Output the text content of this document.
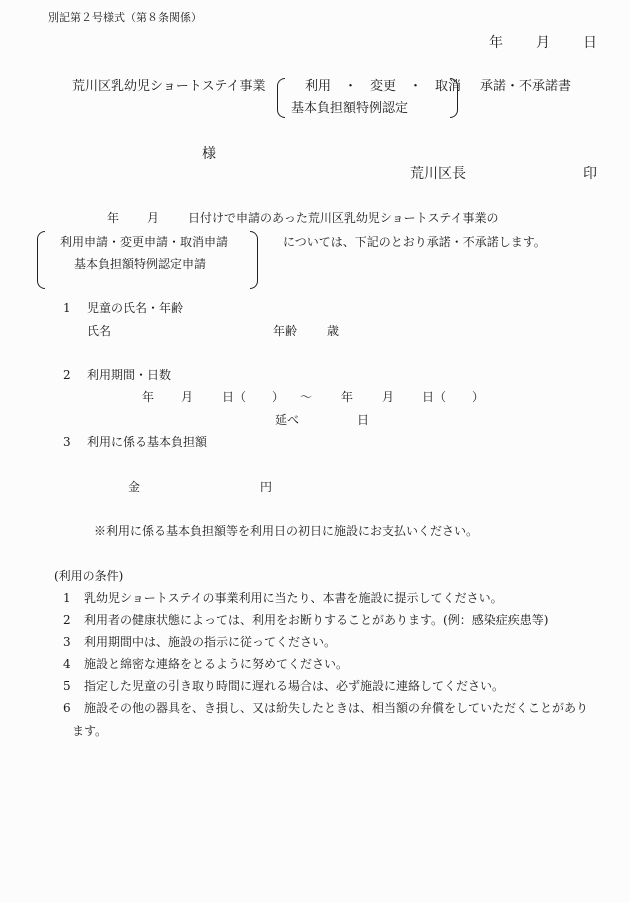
別記第２号様式（第８条関係）
年 月 日
荒川区乳幼児ショートステイ事業	利用　・　変更　・　取消
基本負担額特例認定
承諾・不承諾書
様
荒川区長	印
年 月 日付けで申請のあった荒川区乳幼児ショートステイ事業の
利用申請・変更申請・取消申請
基本負担額特例認定申請
については、下記のとおり承諾・不承諾します。
1 児童の氏名・年齢
氏名	年齢 歳
2 利用期間・日数
年 月 日（ ） ～ 年 月 日（ ）
延べ	日
3 利用に係る基本負担額
金	円
※利用に係る基本負担額等を利用日の初日に施設にお支払いください。
(利用の条件)
1 乳幼児ショートステイの事業利用に当たり、本書を施設に提示してください。
2 利用者の健康状態によっては、利用をお断りすることがあります。(例：感染症疾患等)
3 利用期間中は、施設の指示に従ってください。
4 施設と綿密な連絡をとるように努めてください。
5 指定した児童の引き取り時間に遅れる場合は、必ず施設に連絡してください。
6 施設その他の器具を、き損し、又は紛失したときは、相当額の弁償をしていただくことがあり
ます。
